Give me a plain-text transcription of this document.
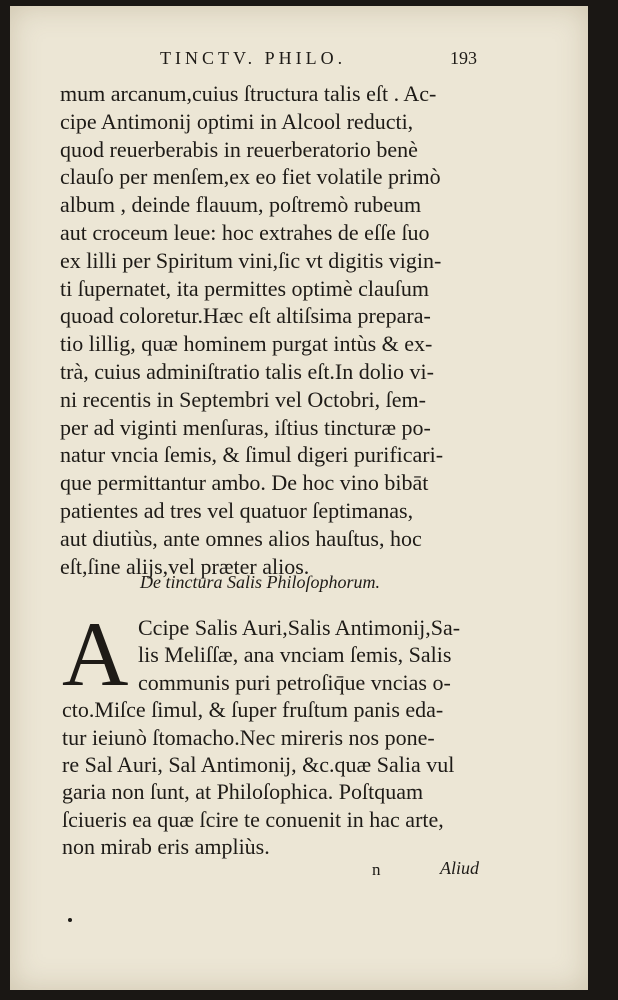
TINCTV. PHILO.	193
mum arcanum,cuius ſtructura talis eſt . Ac-
cipe Antimonij optimi in Alcool reducti,
quod reuerberabis in reuerberatorio benè
clauſo per menſem,ex eo fiet volatile primò
album , deinde flauum, poſtremò rubeum
aut croceum leue: hoc extrahes de eſſe ſuo
ex lilli per Spiritum vini,ſic vt digitis vigin-
ti ſupernatet, ita permittes optimè clauſum
quoad coloretur.Hæc eſt altiſsima prepara-
tio lillig, quæ hominem purgat intùs & ex-
trà, cuius adminiſtratio talis eſt.In dolio vi-
ni recentis in Septembri vel Octobri, ſem-
per ad viginti menſuras, iſtius tincturæ po-
natur vncia ſemis, & ſimul digeri purificari-
que permittantur ambo. De hoc vino bibāt
patientes ad tres vel quatuor ſeptimanas,
aut diutiùs, ante omnes alios hauſtus, hoc
eſt,ſine alijs,vel præter alios.
De tinctura Salis Philoſophorum.
A Ccipe Salis Auri,Salis Antimonij,Sa-
lis Meliſſæ, ana vnciam ſemis, Salis
communis puri petroſiq̄ue vncias o-
cto.Miſce ſimul, & ſuper fruſtum panis eda-
tur ieiunò ſtomacho.Nec mireris nos pone-
re Sal Auri, Sal Antimonij, &c.quæ Salia vul
garia non ſunt, at Philoſophica. Poſtquam
ſciueris ea quæ ſcire te conuenit in hac arte,
non mirab eris ampliùs.
n	Aliud
